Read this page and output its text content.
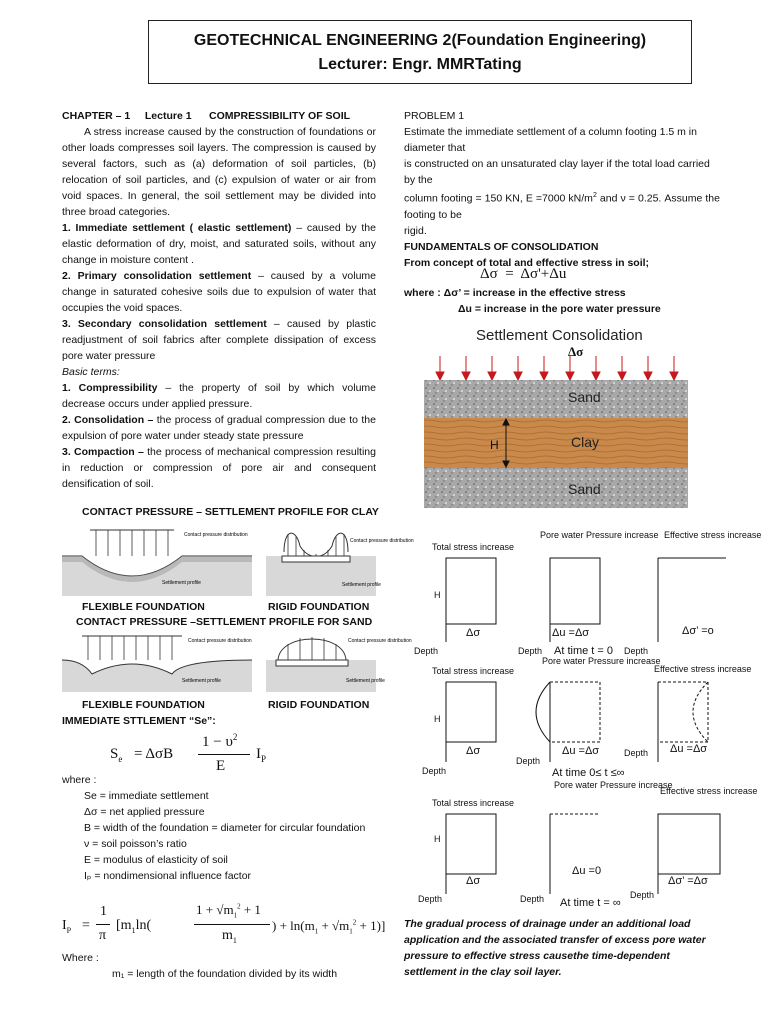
GEOTECHNICAL ENGINEERING 2(Foundation Engineering)
Lecturer: Engr. MMRTating
CHAPTER – 1     Lecture 1      COMPRESSIBILITY OF SOIL
A stress increase caused by the construction of foundations or other loads compresses soil layers. The compression is caused by several factors, such as (a) deformation of soil particles, (b) relocation of soil particles, and (c) expulsion of water or air from void spaces. In general, the soil settlement may be divided into three broad categories.
1. Immediate settlement ( elastic settlement) – caused by the elastic deformation of dry, moist, and saturated soils, without any change in moisture content .
2. Primary consolidation settlement – caused by a volume change in saturated cohesive soils due to expulsion of water that occupies the void spaces.
3. Secondary consolidation settlement – caused by plastic readjustment of soil fabrics after complete dissipation of excess pore water pressure
Basic terms:
1. Compressibility – the property of soil by which volume decrease occurs under applied pressure.
2. Consolidation – the process of gradual compression due to the expulsion of pore water under steady state pressure
3. Compaction – the process of mechanical compression resulting in reduction or compression of pore air and consequent densification of soil.
CONTACT PRESSURE – SETTLEMENT PROFILE FOR CLAY
Contact pressure distribution
Settlement profile
Contact pressure distribution
Settlement profile
FLEXIBLE FOUNDATION	RIGID FOUNDATION
CONTACT PRESSURE –SETTLEMENT PROFILE FOR SAND
Contact pressure distribution
Settlement profile
Contact pressure distribution
Settlement profile
FLEXIBLE FOUNDATION	RIGID FOUNDATION
IMMEDIATE STTLEMENT “Se”:
$S_e = \Delta\sigma B$
$1 - \upsilon^2$
E
$I_P$
where :
Se = immediate settlement
Δσ = net applied pressure
B = width of the foundation = diameter for circular foundation
ν = soil poisson’s ratio
E = modulus of elasticity of soil
Iₚ = nondimensional influence factor
$I_P$ =
1
π
[$m_1\ln$(
$1 + √m_1^2 + 1$
$m_1$
) + $\ln(m_1 + √m_1^2 + 1)$]
Where :
m₁ = length of the foundation divided by its width
PROBLEM 1
Estimate the immediate settlement of a column footing 1.5 m in diameter that
is constructed on an unsaturated clay layer if the total load carried by the
column footing = 150 KN, E =7000 $kN/m^2$ and ν = 0.25. Assume the footing to be
rigid.
FUNDAMENTALS OF CONSOLIDATION
From concept of total and effective stress in soil;
Δσ  =  Δσ'+Δu
where : Δσ’ = increase in the effective stress
Δu = increase in the pore water pressure
Settlement Consolidation
Δσ
Sand
Clay
Sand
H
Total stress increase
Pore water Pressure increase Effective stress increase
H
Δσ
Depth
Δu =Δσ
Depth At time t = 0
Δσ’ =o
Depth
Total stress increase
Pore water Pressure increase
Effective stress increase
H
Δσ
Depth
Δu =Δσ
Depth
At time 0≤ t ≤∞
Δu =Δσ
Depth
Total stress increase
Pore water Pressure increase
Effective stress increase
H
Δσ
Depth
Δu =0
Depth At time t = ∞
Δσ’ =Δσ
Depth
The gradual process of drainage under an additional load application and the associated transfer of excess pore water pressure to effective stress causethe time-dependent settlement in the clay soil layer.
